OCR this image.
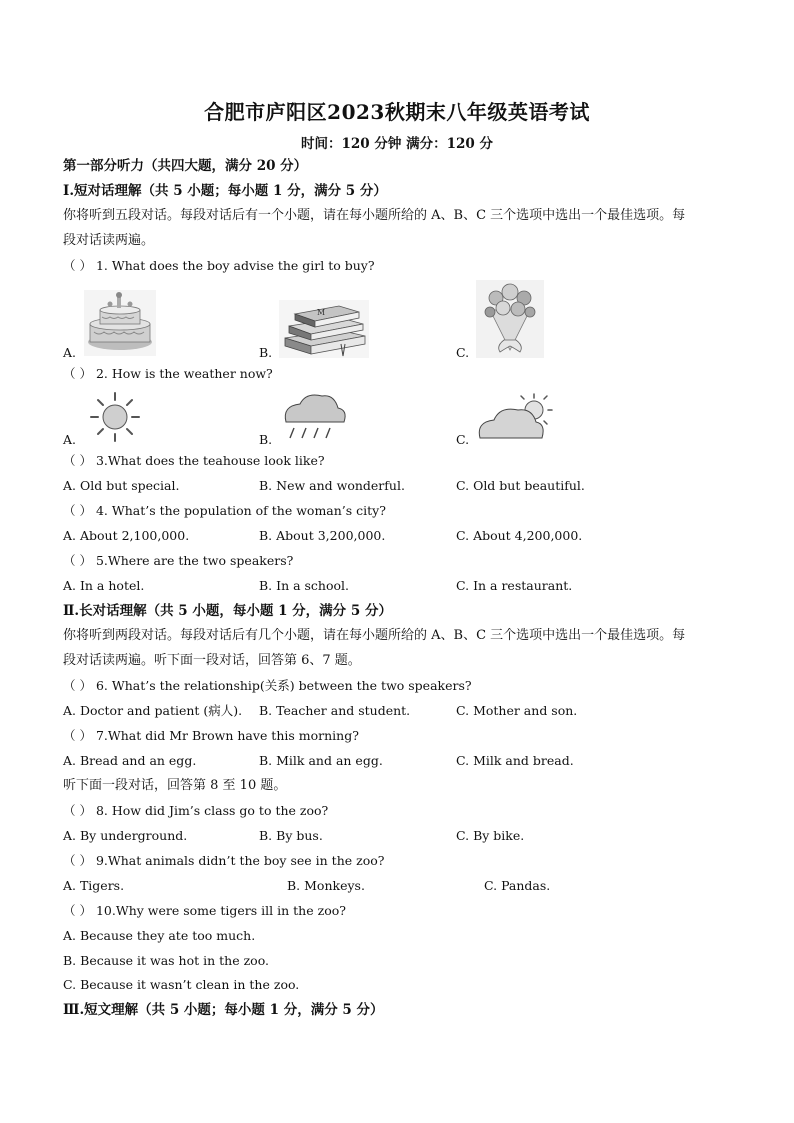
合肥市庐阳区2023秋期末八年级英语考试
时间：120 分钟 满分：120 分
第一部分听力（共四大题，满分 20 分）
Ⅰ.短对话理解（共 5 小题；每小题 1 分，满分 5 分）
你将听到五段对话。每段对话后有一个小题，请在每小题所给的 A、B、C 三个选项中选出一个最佳选项。每
段对话读两遍。
（ ） 1. What does the boy advise the girl to buy?
M
A.	B.	C.
（ ） 2. How is the weather now?
A.	B.	C.
（ ） 3.What does the teahouse look like?
A. Old but special.	B. New and wonderful.	C. Old but beautiful.
（ ） 4. What’s the population of the woman’s city?
A. About 2,100,000.	B. About 3,200,000.	C. About 4,200,000.
（ ） 5.Where are the two speakers?
A. In a hotel.	B. In a school.	C. In a restaurant.
Ⅱ.长对话理解（共 5 小题，每小题 1 分，满分 5 分）
你将听到两段对话。每段对话后有几个小题，请在每小题所给的 A、B、C 三个选项中选出一个最佳选项。每
段对话读两遍。听下面一段对话，回答第 6、7 题。
（ ） 6. What’s the relationship(关系) between the two speakers?
A. Doctor and patient (病人). B. Teacher and student.	C. Mother and son.
（ ） 7.What did Mr Brown have this morning?
A. Bread and an egg.	B. Milk and an egg.	C. Milk and bread.
听下面一段对话，回答第 8 至 10 题。
（ ） 8. How did Jim’s class go to the zoo?
A. By underground.	B. By bus.	C. By bike.
（ ） 9.What animals didn’t the boy see in the zoo?
A. Tigers.	B. Monkeys.	C. Pandas.
（ ） 10.Why were some tigers ill in the zoo?
A. Because they ate too much.
B. Because it was hot in the zoo.
C. Because it wasn’t clean in the zoo.
Ⅲ.短文理解（共 5 小题；每小题 1 分，满分 5 分）
